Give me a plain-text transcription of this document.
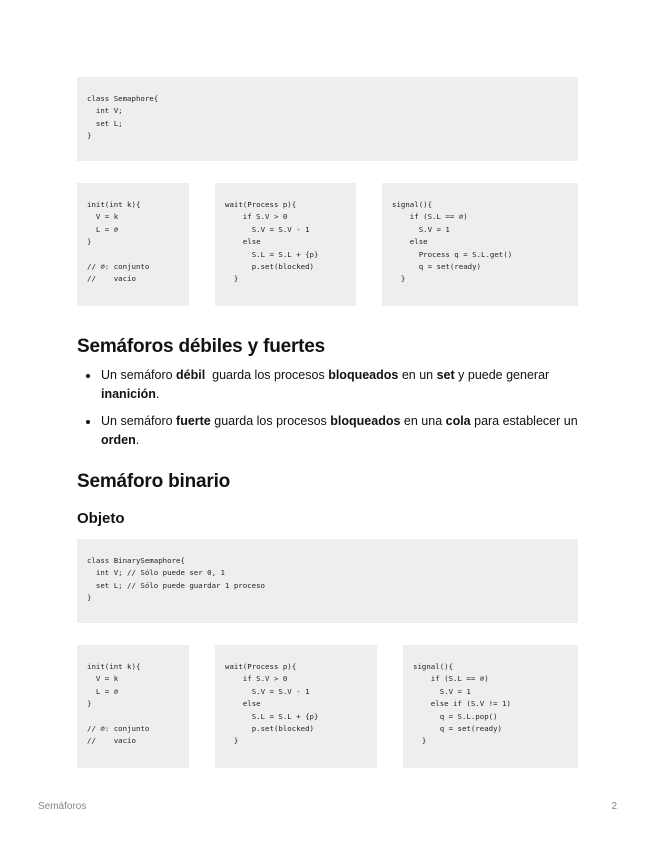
class Semaphore{
int V;
set L;
}
init(int k){
V = k
L = ∅
}

// ∅: conjunto
//    vacío
wait(Process p){
if S.V > 0
S.V = S.V - 1
else
S.L = S.L + {p}
p.set(blocked)
}
signal(){
if (S.L == ∅)
S.V = 1
else
Process q = S.L.get()
q = set(ready)
}
Semáforos débiles y fuertes
Un semáforo débil  guarda los procesos bloqueados en un set y puede generar inanición.
Un semáforo fuerte guarda los procesos bloqueados en una cola para establecer un orden.
Semáforo binario
Objeto
class BinarySemaphore{
int V; // Sólo puede ser 0, 1
set L; // Sólo puede guardar 1 proceso
}
init(int k){
V = k
L = ∅
}

// ∅: conjunto
//    vacío
wait(Process p){
if S.V > 0
S.V = S.V - 1
else
S.L = S.L + {p}
p.set(blocked)
}
signal(){
if (S.L == ∅)
S.V = 1
else if (S.V != 1)
q = S.L.pop()
q = set(ready)
}
Semáforos	2
